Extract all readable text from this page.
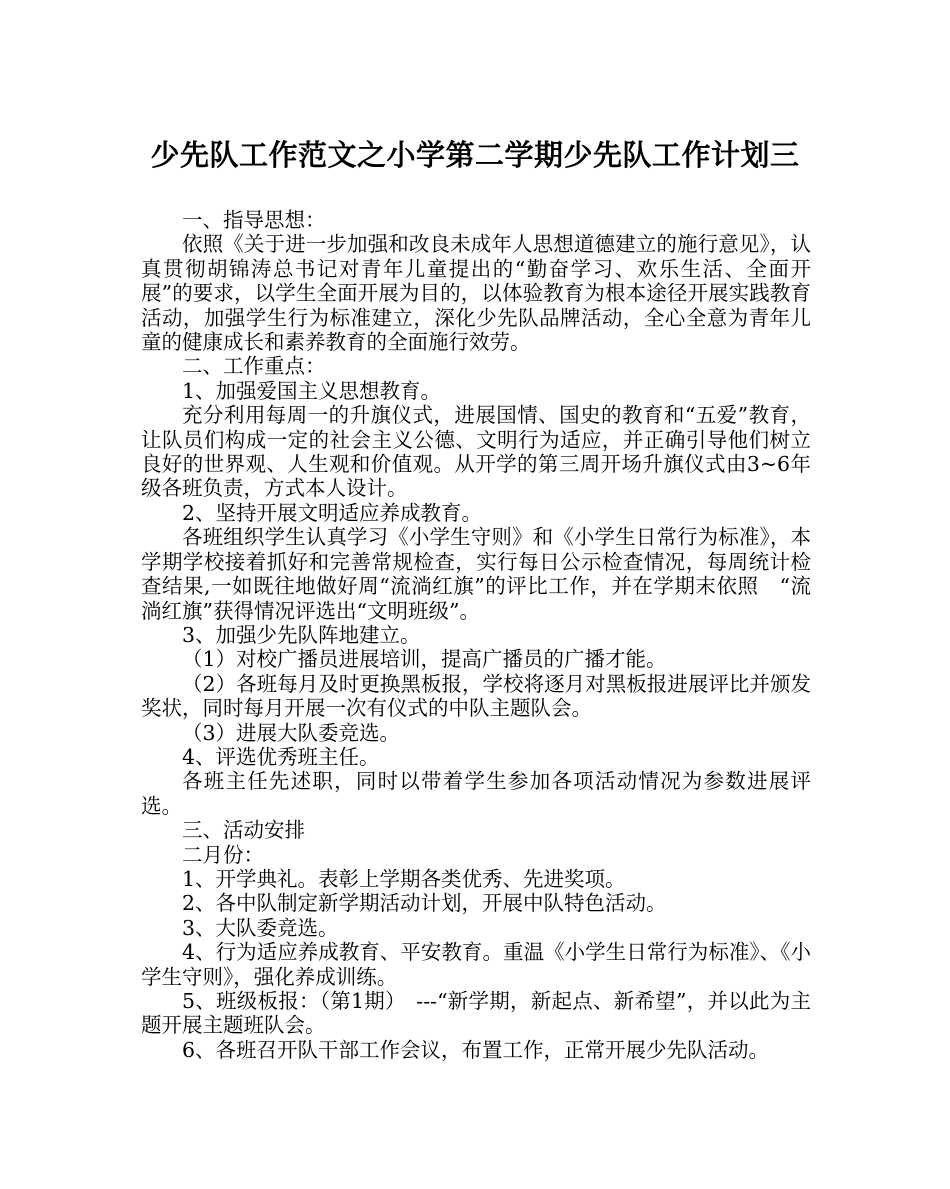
少先队工作范文之小学第二学期少先队工作计划三

一、指导思想：

依照《关于进一步加强和改良未成年人思想道德建立的施行意见》，认真贯彻胡锦涛总书记对青年儿童提出的“勤奋学习、欢乐生活、全面开展”的要求，以学生全面开展为目的，以体验教育为根本途径开展实践教育活动，加强学生行为标准建立，深化少先队品牌活动，全心全意为青年儿童的健康成长和素养教育的全面施行效劳。

二、工作重点：

1、加强爱国主义思想教育。

充分利用每周一的升旗仪式，进展国情、国史的教育和“五爱”教育，让队员们构成一定的社会主义公德、文明行为适应，并正确引导他们树立良好的世界观、人生观和价值观。从开学的第三周开场升旗仪式由3~6年级各班负责，方式本人设计。

2、坚持开展文明适应养成教育。

各班组织学生认真学习《小学生守则》和《小学生日常行为标准》，本学期学校接着抓好和完善常规检查，实行每日公示检查情况，每周统计检查结果,一如既往地做好周“流淌红旗”的评比工作，并在学期末依照　“流淌红旗”获得情况评选出“文明班级”。

3、加强少先队阵地建立。

（1）对校广播员进展培训，提高广播员的广播才能。

（2）各班每月及时更换黑板报，学校将逐月对黑板报进展评比并颁发奖状，同时每月开展一次有仪式的中队主题队会。

（3）进展大队委竞选。

4、评选优秀班主任。

各班主任先述职，同时以带着学生参加各项活动情况为参数进展评选。

三、活动安排

二月份：

1、开学典礼。表彰上学期各类优秀、先进奖项。

2、各中队制定新学期活动计划，开展中队特色活动。

3、大队委竞选。

4、行为适应养成教育、平安教育。重温《小学生日常行为标准》、《小学生守则》，强化养成训练。

5、班级板报：（第1期）　---“新学期，新起点、新希望”，并以此为主题开展主题班队会。

6、各班召开队干部工作会议，布置工作，正常开展少先队活动。
